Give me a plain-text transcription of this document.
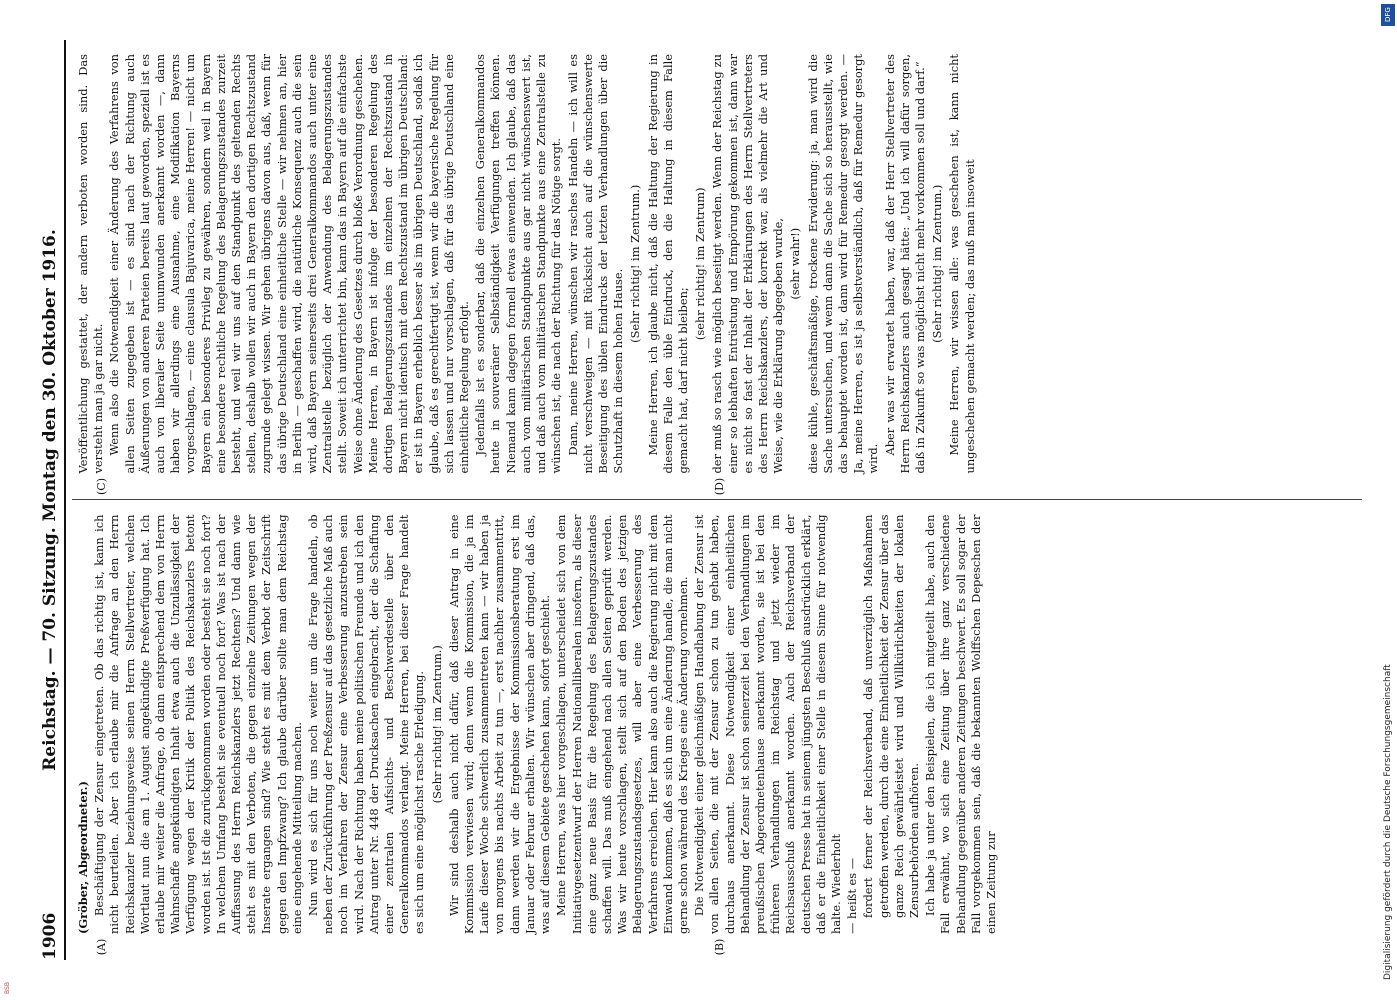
1906
Reichstag. — 70. Sitzung. Montag den 30. Oktober 1916.
(A)	(B)

(Gröber, Abgeordneter.) Beschäftigung der Zensur eingetreten. Ob das richtig ist, kann ich nicht beurteilen. Aber ich erlaube mir die Anfrage an den Herrn Reichskanzler beziehungsweise seinen Herrn Stellvertreter, welchen Wortlaut nun die am 1. August angekündigte Preßverfügung hat. Ich erlaube mir weiter die Anfrage, ob dann entsprechend dem von Herrn Wahnschaffe angekündigten Inhalt etwa auch die Unzulässigkeit der Verfügung wegen der Kritik der Politik des Reichskanzlers betont worden ist. Ist die zurückgenommen worden oder besteht sie noch fort? In welchem Umfang besteht sie eventuell noch fort? Was ist nach der Auffassung des Herrn Reichskanzlers jetzt Rechtens? Und dann wie steht es mit den Verboten, die gegen einzelne Zeitungen wegen der Inserate ergangen sind? Wie steht es mit dem Verbot der Zeitschrift gegen den Impfzwang? Ich glaube darüber sollte man dem Reichstag eine eingehende Mitteilung machen. Nun wird es sich für uns noch weiter um die Frage handeln, ob neben der Zurückführung der Preßzensur auf das gesetzliche Maß auch noch im Verfahren der Zensur eine Verbesserung anzustreben sein wird. Nach der Richtung haben meine politischen Freunde und ich den Antrag unter Nr. 448 der Drucksachen eingebracht, der die Schaffung einer zentralen Aufsichts- und Beschwerdestelle über den Generalkommandos verlangt. Meine Herren, bei dieser Frage handelt es sich um eine möglichst rasche Erledigung. (Sehr richtig! im Zentrum.) Wir sind deshalb auch nicht dafür, daß dieser Antrag in eine Kommission verwiesen wird; denn wenn die Kommission, die ja im Laufe dieser Woche schwerlich zusammentreten kann — wir haben ja von morgens bis nachts Arbeit zu tun —, erst nachher zusammentritt, dann werden wir die Ergebnisse der Kommissionsberatung erst im Januar oder Februar erhalten. Wir wünschen aber dringend, daß das, was auf diesem Gebiete geschehen kann, sofort geschieht. Meine Herren, was hier vorgeschlagen, unterscheidet sich von dem Initiativgesetzentwurf der Herren Nationalliberalen insofern, als dieser eine ganz neue Basis für die Regelung des Belagerungszustandes schaffen will. Das muß eingehend nach allen Seiten geprüft werden. Was wir heute vorschlagen, stellt sich auf den Boden des jetzigen Belagerungszustandsgesetzes, will aber eine Verbesserung des Verfahrens erreichen. Hier kann also auch die Regierung nicht mit dem Einwand kommen, daß es sich um eine Änderung handle, die man nicht gerne schon während des Krieges eine Änderung vornehmen. Die Notwendigkeit einer gleichmäßigen Handhabung der Zensur ist von allen Seiten, die mit der Zensur schon zu tun gehabt haben, durchaus anerkannt. Diese Notwendigkeit einer einheitlichen Behandlung der Zensur ist schon seinerzeit bei den Verhandlungen im preußischen Abgeordnetenhause anerkannt worden, sie ist bei den früheren Verhandlungen im Reichstag und jetzt wieder im Reichsausschuß anerkannt worden. Auch der Reichsverband der deutschen Presse hat in seinem jüngsten Beschluß ausdrücklich erklärt, daß er die Einheitlichkeit einer Stelle in diesem Sinne für notwendig halte. Wiederholt — heißt es — fordert ferner der Reichsverband, daß unverzüglich Maßnahmen getroffen werden, durch die eine Einheitlichkeit der Zensur über das ganze Reich gewährleistet wird und Willkürlichkeiten der lokalen Zensurbehörden aufhören. Ich habe ja unter den Beispielen, die ich mitgeteilt habe, auch den Fall erwähnt, wo sich eine Zeitung über ihre ganz verschiedene Behandlung gegenüber anderen Zeitungen beschwert. Es soll sogar der Fall vorgekommen sein, daß die bekannten Wolffschen Depeschen der einen Zeitung zur

(C)	(D)

Veröffentlichung gestattet, der andern verboten worden sind. Das versteht man ja gar nicht. Wenn also die Notwendigkeit einer Änderung des Verfahrens von allen Seiten zugegeben ist — es sind nach der Richtung auch Äußerungen von anderen Parteien bereits laut geworden, speziell ist es auch von liberaler Seite unumwunden anerkannt worden —, dann haben wir allerdings eine Ausnahme, eine Modifikation Bayerns vorgeschlagen, — eine clausula Bajuvarica, meine Herren! — nicht um Bayern ein besonderes Privileg zu gewähren, sondern weil in Bayern eine besondere rechtliche Regelung des Belagerungszustandes zurzeit besteht, und weil wir uns auf den Standpunkt des geltenden Rechts stellen, deshalb wollen wir auch in Bayern den dortigen Rechtszustand zugrunde gelegt wissen. Wir gehen übrigens davon aus, daß, wenn für das übrige Deutschland eine einheitliche Stelle — wir nehmen an, hier in Berlin — geschaffen wird, die natürliche Konsequenz auch die sein wird, daß Bayern seinerseits drei Generalkommandos auch unter eine Zentralstelle bezüglich der Anwendung des Belagerungszustandes stellt. Soweit ich unterrichtet bin, kann das in Bayern auf die einfachste Weise ohne Änderung des Gesetzes durch bloße Verordnung geschehen. Meine Herren, in Bayern ist infolge der besonderen Regelung des dortigen Belagerungszustandes im einzelnen der Rechtszustand in Bayern nicht identisch mit dem Rechtszustand im übrigen Deutschland: er ist in Bayern erheblich besser als im übrigen Deutschland, sodaß ich glaube, daß es gerechtfertigt ist, wenn wir die bayerische Regelung für sich lassen und nur vorschlagen, daß für das übrige Deutschland eine einheitliche Regelung erfolgt. Jedenfalls ist es sonderbar, daß die einzelnen Generalkommandos heute in souveräner Selbständigkeit Verfügungen treffen können. Niemand kann dagegen formell etwas einwenden. Ich glaube, daß das auch vom militärischen Standpunkte aus gar nicht wünschenswert ist, und daß auch vom militärischen Standpunkte aus eine Zentralstelle zu wünschen ist, die nach der Richtung für das Nötige sorgt. Dann, meine Herren, wünschen wir rasches Handeln — ich will es nicht verschweigen — mit Rücksicht auch auf die wünschenswerte Beseitigung des üblen Eindrucks der letzten Verhandlungen über die Schutzhaft in diesem hohen Hause.

(Sehr richtig! im Zentrum.) Meine Herren, ich glaube nicht, daß die Haltung der Regierung in diesem Falle den üble Eindruck, den die Haltung in diesem Falle gemacht hat, darf nicht bleiben;

(sehr richtig! im Zentrum) der muß so rasch wie möglich beseitigt werden. Wenn der Reichstag zu einer so lebhaften Entrüstung und Empörung gekommen ist, dann war es nicht so fast der Inhalt der Erklärungen des Herrn Stellvertreters des Herrn Reichskanzlers, der korrekt war, als vielmehr die Art und Weise, wie die Erklärung abgegeben wurde, (sehr wahr!) diese kühle, geschäftsmäßige, trockene Erwiderung: ja, man wird die Sache untersuchen, und wenn dann die Sache sich so herausstellt, wie das behauptet worden ist, dann wird für Remedur gesorgt werden. — Ja, meine Herren, es ist ja selbstverständlich, daß für Remedur gesorgt wird.

Aber was wir erwartet haben, war, daß der Herr Stellvertreter des Herrn Reichskanzlers auch gesagt hätte: „Und ich will dafür sorgen, daß in Zukunft so was möglichst nicht mehr vorkommen soll und darf.“ (Sehr richtig! im Zentrum.) Meine Herren, wir wissen alle: was geschehen ist, kann nicht ungeschehen gemacht werden; das muß man insoweit

DFG
Digitalisierung gefördert durch die Deutsche Forschungsgemeinschaft
BSB
